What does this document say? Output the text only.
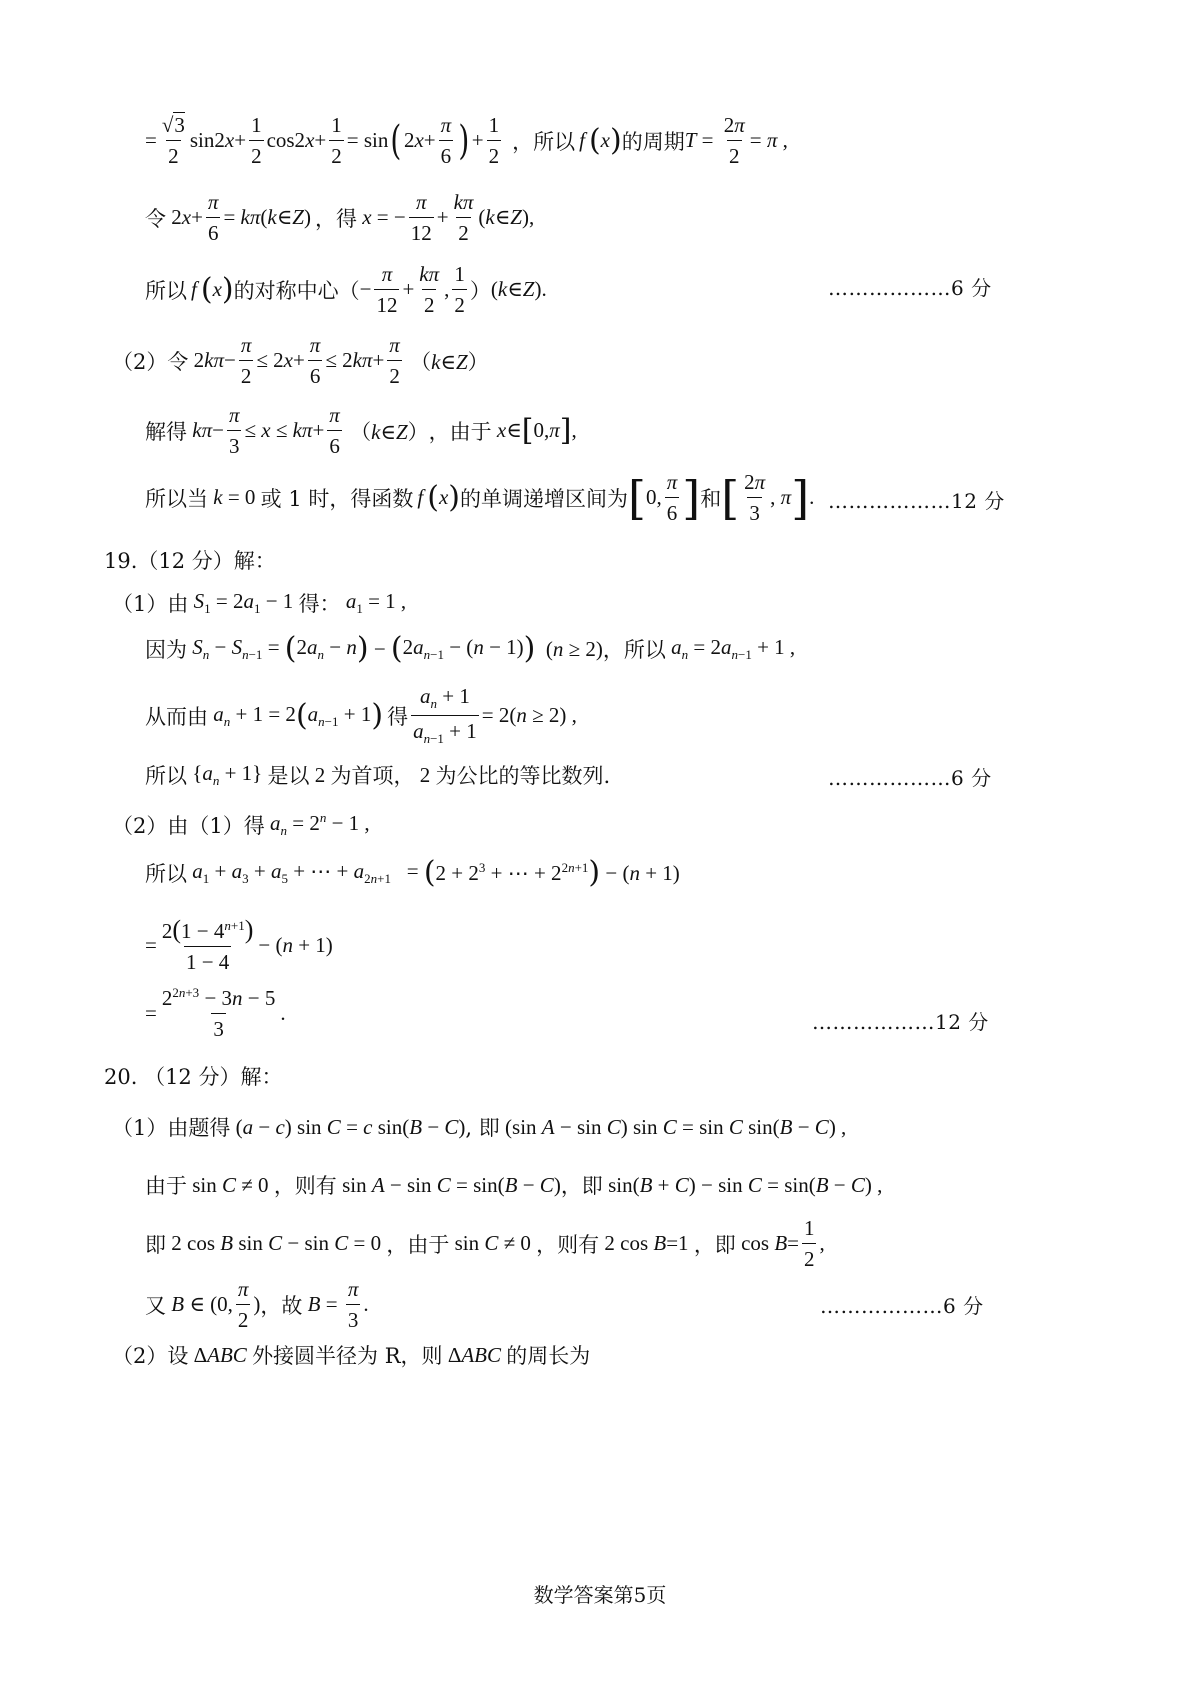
= $\frac{√3}{2} \sin 2x+ \frac{1}{2} \cos 2x+ \frac{1}{2} = \sin$ ( $2x+ \frac{\pi}{6}$ ) + $\frac{1}{2}$ ，所以 f ( x ) 的周期 $T = \frac{2\pi}{2} = \pi$ ,
令 $2x+ \frac{\pi}{6}$ = kπ(k∈Z) ，得 x = − $\frac{\pi}{12} + \frac{k\pi}{2}$ (k∈Z),
所以 f ( x ) 的对称中心（ − $\frac{\pi}{12} + \frac{k\pi}{2}$ ,
1
2
） (k∈Z).	………………6 分
（2）令 $2k\pi- \frac{\pi}{2} \le 2x+ \frac{\pi}{6} \le 2k\pi+ \frac{\pi}{2}$ （k∈Z）
解得 $k\pi- \frac{\pi}{3} \le x \le k\pi+ \frac{\pi}{6}$ （k∈Z） ，由于 x∈ [ 0,π ] ,
所以当 k = 0 或 1 时，得函数 f ( x ) 的单调递增区间为 [ 0,
π
6 ] 和 [ 2π
3
, π ] . ………………12 分
19.（12 分）解：
（1）由 $S_1 = 2a_1 - 1$ 得： $a_1 = 1$ ,
因为 $S_n - S_{n-1}$ = ( $2a_n - n$ ) − ( $2a_{n-1} - (n - 1)$ ) (n ≥ 2) ，所以 $a_n = 2a_{n-1} + 1$ ,
从而由 $a_n + 1 = 2$ ( $a_{n-1} + 1$ ) 得 $\frac{a_n + 1}{a_{n-1} + 1} = 2(n \ge 2)$ ,
所以 $\{a_n + 1\}$ 是以 2 为首项， 2 为公比的等比数列.	………………6 分
（2）由（1）得 $a_n = 2^n - 1$ ,
所以 $a_1 + a_3 + a_5$ + ⋯ + $a_{2n+1}$   = ( $2 + 2^3$ + ⋯ + $2^{2n+1}$ ) − (n + 1)
= $\frac{2(1 - 4^{n+1})}{1 - 4} - (n + 1)$
= $\frac{2^{2n+3} - 3n - 5}{3}$ .	………………12 分
20. （12 分）解：
（1）由题得 (a − c) sin C = c sin(B − C) , 即 (sin A − sin C) sin C = sin C sin(B − C) ,
由于 sin C ≠ 0 ，则有 sin A − sin C = sin(B − C) ，即 sin(B + C) − sin C = sin(B − C) ,
即 2 cos B sin C − sin C = 0 ，由于 sin C ≠ 0 ，则有 2 cos B=1 ，即 $\cos B= \frac{1}{2}$ ,
又 B ∈ (0,
π
2
) ，故 $B = \frac{\pi}{3}$ .	………………6 分
（2）设 ΔABC 外接圆半径为 R，则 ΔABC 的周长为
数学答案第5页
